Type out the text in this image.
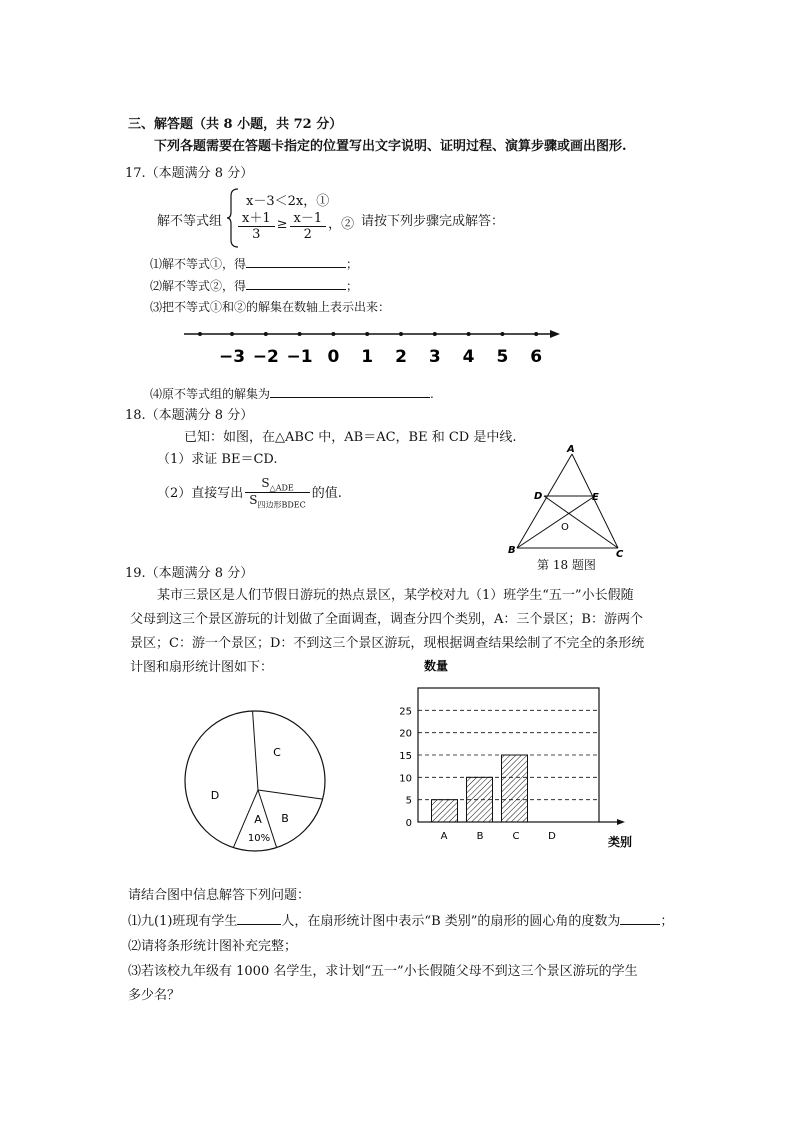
三、解答题（共 8 小题，共 72 分）
下列各题需要在答题卡指定的位置写出文字说明、证明过程、演算步骤或画出图形.
17.（本题满分 8 分）
解不等式组
x－3＜2x，①
$\frac{x+1}{3} \ge \frac{x-1}{2}$ ，② 请按下列步骤完成解答：
⑴解不等式①，得	；
⑵解不等式②，得	；
⑶把不等式①和②的解集在数轴上表示出来：
−3 −2 −1 0 1 2 3 4 5 6
⑷原不等式组的解集为	.
18.（本题满分 8 分）
已知：如图，在△ABC 中，AB＝AC，BE 和 CD 是中线.
（1）求证 BE＝CD.
（2）直接写出 $\frac{S_{\triangle ADE}}{S_{四边形BDEC}}$ 的值.
A
B	C
D	E
O
第 18 题图
19.（本题满分 8 分）
某市三景区是人们节假日游玩的热点景区，某学校对九（1）班学生“五一”小长假随
父母到这三个景区游玩的计划做了全面调查，调查分四个类别，A：三个景区；B：游两个
景区；C：游一个景区；D：不到这三个景区游玩，现根据调查结果绘制了不完全的条形统
计图和扇形统计图如下：
A
10%
B
C
D
0
5
10
15
20
25
A	B	C	D
数量
类别
请结合图中信息解答下列问题：
⑴九(1)班现有学生	人，在扇形统计图中表示“B 类别”的扇形的圆心角的度数为	；
⑵请将条形统计图补充完整；
⑶若该校九年级有 1000 名学生，求计划“五一”小长假随父母不到这三个景区游玩的学生
多少名？
